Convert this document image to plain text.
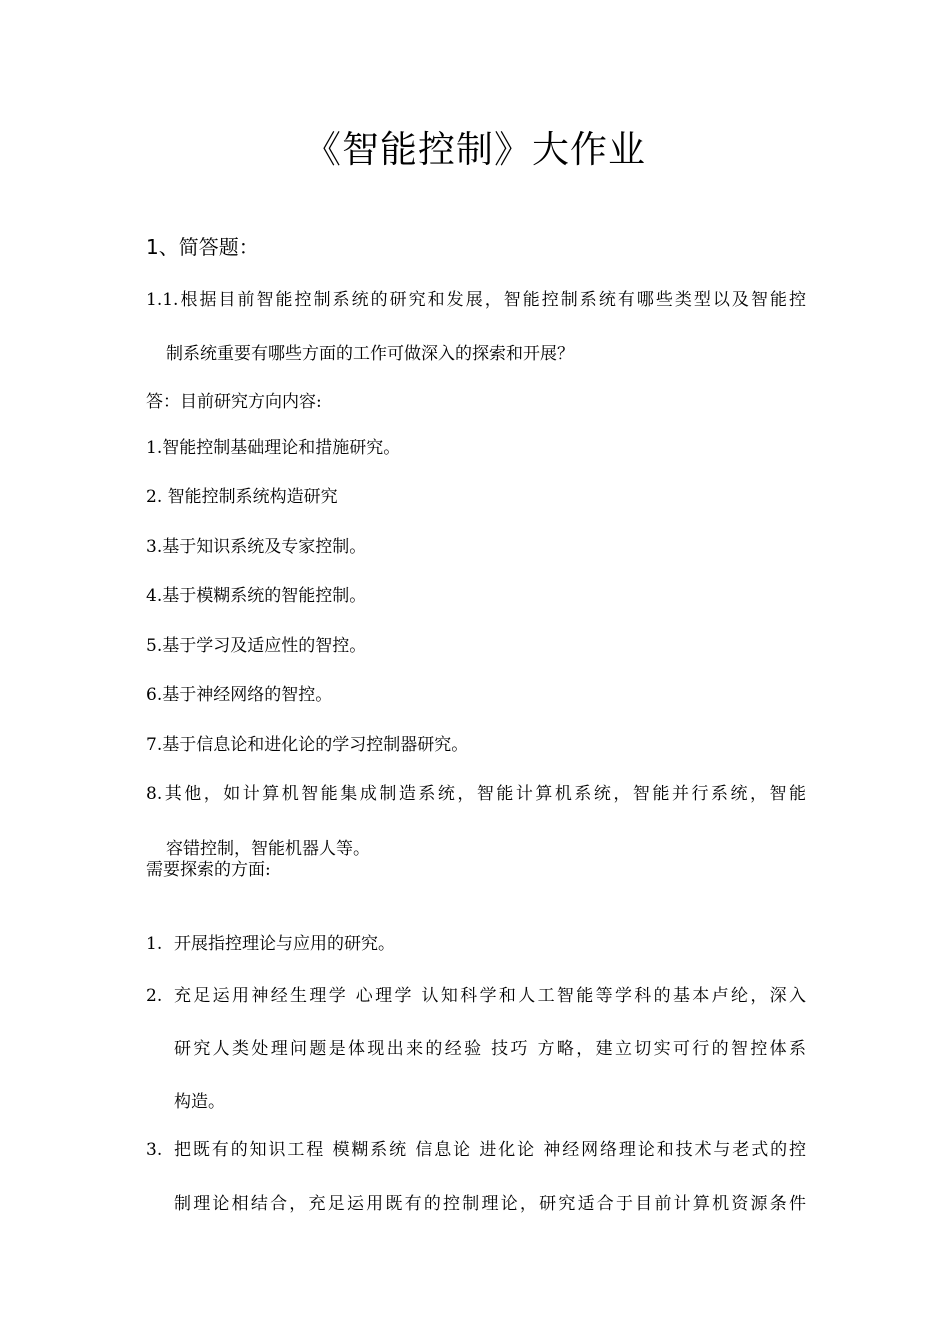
《智能控制》大作业
1、简答题：
1.1.根据目前智能控制系统的研究和发展，智能控制系统有哪些类型以及智能控
制系统重要有哪些方面的工作可做深入的探索和开展？
答：目前研究方向内容:
1.智能控制基础理论和措施研究。
2. 智能控制系统构造研究
3.基于知识系统及专家控制。
4.基于模糊系统的智能控制。
5.基于学习及适应性的智控。
6.基于神经网络的智控。
7.基于信息论和进化论的学习控制器研究。
8.其他，如计算机智能集成制造系统，智能计算机系统，智能并行系统，智能
容错控制，智能机器人等。
需要探索的方面:
1. 开展指控理论与应用的研究。
2. 充足运用神经生理学 心理学 认知科学和人工智能等学科的基本卢纶，深入
研究人类处理问题是体现出来的经验 技巧 方略，建立切实可行的智控体系
构造。
3. 把既有的知识工程 模糊系统 信息论 进化论 神经网络理论和技术与老式的控
制理论相结合，充足运用既有的控制理论，研究适合于目前计算机资源条件
